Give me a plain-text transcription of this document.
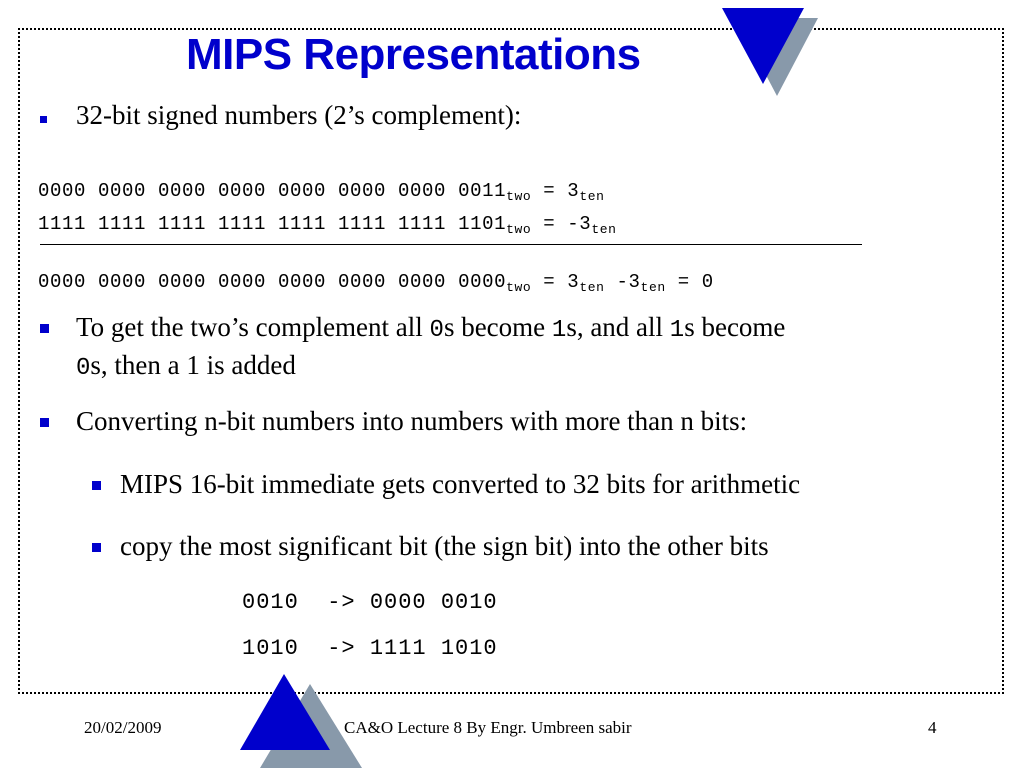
MIPS Representations
32-bit signed numbers (2’s complement):
0000 0000 0000 0000 0000 0000 0000 $0011_{two} = 3_{ten}$
1111 1111 1111 1111 1111 1111 1111 $1101_{two} = -3_{ten}$
0000 0000 0000 0000 0000 0000 0000 $0000_{two} = 3_{ten}$ $-3_{ten} = 0$
To get the two’s complement all 0s become 1s, and all 1s become
0s, then a 1 is added
Converting n-bit numbers into numbers with more than n bits:
MIPS 16-bit immediate gets converted to 32 bits for arithmetic
copy the most significant bit (the sign bit) into the other bits
0010  -> 0000 0010
1010  -> 1111 1010
20/02/2009	CA&O Lecture 8 By Engr. Umbreen sabir	4
